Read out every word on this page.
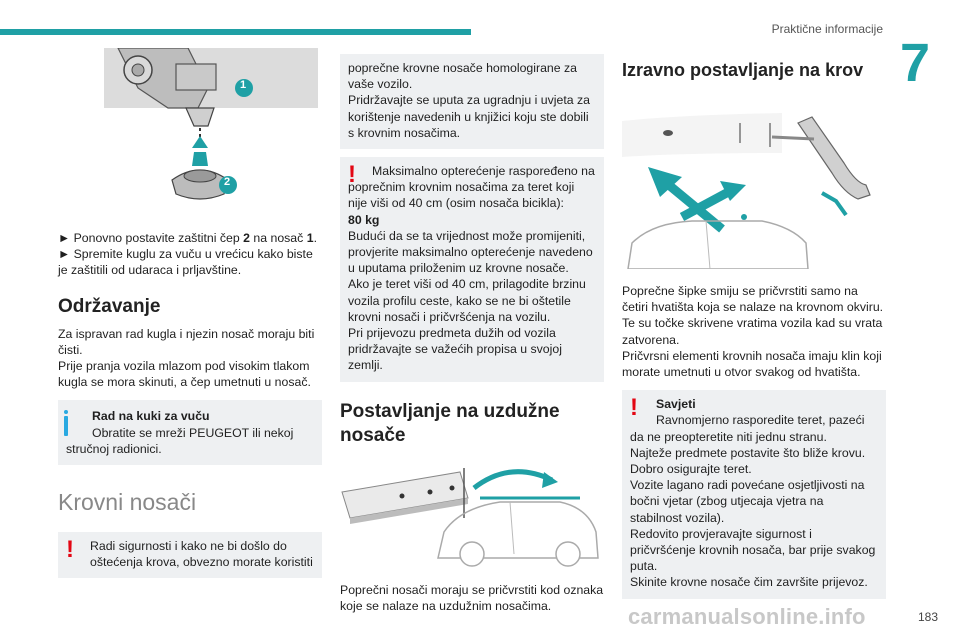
Praktične informacije
7
1
2

► Ponovno postavite zaštitni čep 2 na nosač 1.

► Spremite kuglu za vuču u vrećicu kako biste je zaštitili od udaraca i prljavštine.

Održavanje

Za ispravan rad kugla i njezin nosač moraju biti čisti.

Prije pranja vozila mlazom pod visokim tlakom kugla se mora skinuti, a čep umetnuti u nosač.

Rad na kuki za vuču

Obratite se mreži PEUGEOT ili nekoj stručnoj radionici.

Krovni nosači
! Radi sigurnosti i kako ne bi došlo do oštećenja krova, obvezno morate koristiti

poprečne krovne nosače homologirane za vaše vozilo.

Pridržavajte se uputa za ugradnju i uvjeta za korištenje navedenih u knjižici koju ste dobili s krovnim nosačima.

!	Maksimalno opterećenje raspoređeno na poprečnim krovnim nosačima za teret koji nije viši od 40 cm (osim nosača bicikla):

80 kg

Budući da se ta vrijednost može promijeniti, provjerite maksimalno opterećenje navedeno u uputama priloženim uz krovne nosače.

Ako je teret viši od 40 cm, prilagodite brzinu vozila profilu ceste, kako se ne bi oštetile krovni nosači i pričvršćenja na vozilu.

Pri prijevozu predmeta dužih od vozila pridržavajte se važećih propisa u svojoj zemlji.

Postavljanje na uzdužne nosače

Poprečni nosači moraju se pričvrstiti kod oznaka koje se nalaze na uzdužnim nosačima.

Izravno postavljanje na krov

Poprečne šipke smiju se pričvrstiti samo na četiri hvatišta koja se nalaze na krovnom okviru. Te su točke skrivene vratima vozila kad su vrata zatvorena.

Pričvrsni elementi krovnih nosača imaju klin koji morate umetnuti u otvor svakog od hvatišta.

!	Savjeti

Ravnomjerno rasporedite teret, pazeći da ne preopteretite niti jednu stranu.

Najteže predmete postavite što bliže krovu.

Dobro osigurajte teret.

Vozite lagano radi povećane osjetljivosti na bočni vjetar (zbog utjecaja vjetra na stabilnost vozila).

Redovito provjeravajte sigurnost i pričvršćenje krovnih nosača, bar prije svakog puta.

Skinite krovne nosače čim završite prijevoz.

carmanualsonline.info	183
